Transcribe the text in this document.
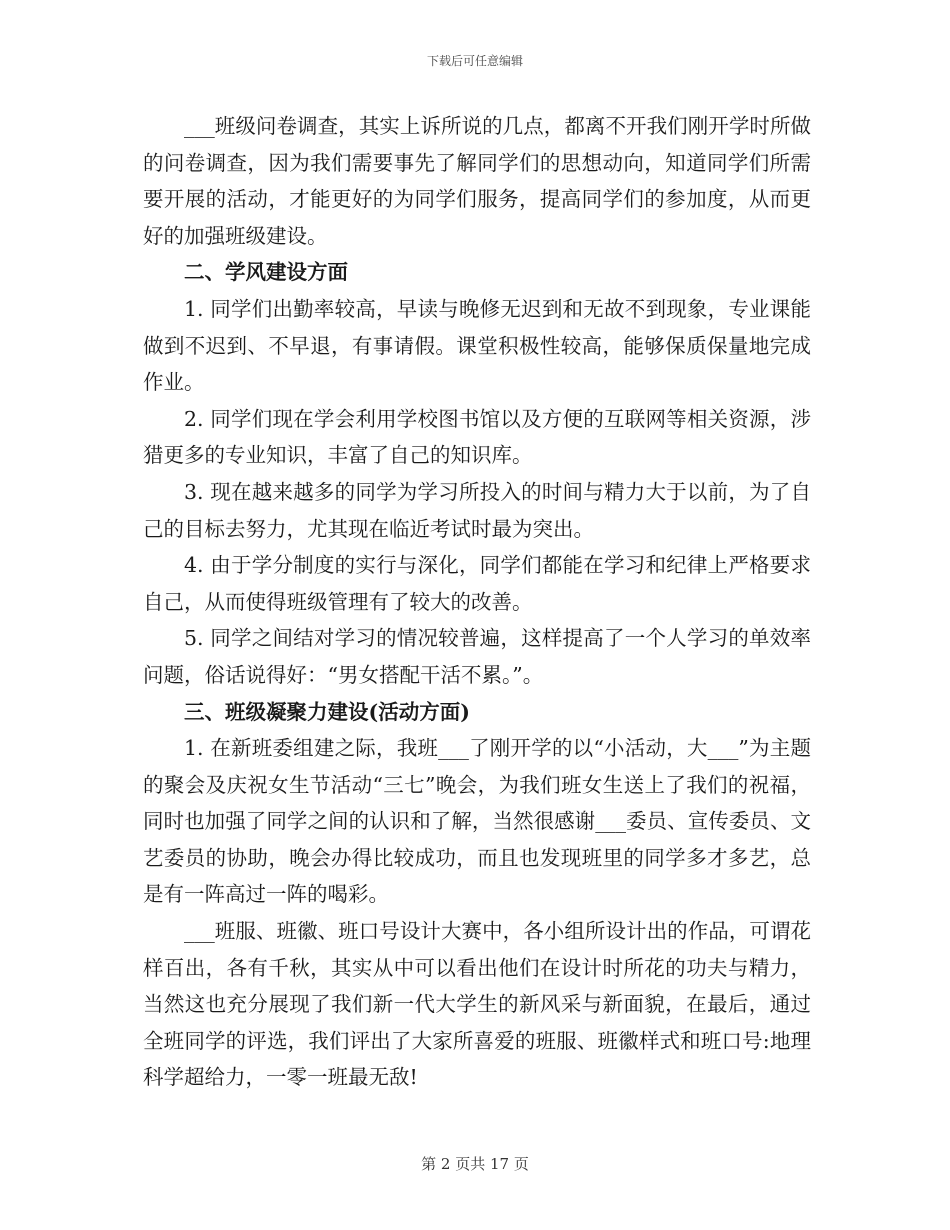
下载后可任意编辑

___班级问卷调查，其实上诉所说的几点，都离不开我们刚开学时所做的问卷调查，因为我们需要事先了解同学们的思想动向，知道同学们所需要开展的活动，才能更好的为同学们服务，提高同学们的参加度，从而更好的加强班级建设。

二、学风建设方面

1. 同学们出勤率较高，早读与晚修无迟到和无故不到现象，专业课能做到不迟到、不早退，有事请假。课堂积极性较高，能够保质保量地完成作业。

2. 同学们现在学会利用学校图书馆以及方便的互联网等相关资源，涉猎更多的专业知识，丰富了自己的知识库。

3. 现在越来越多的同学为学习所投入的时间与精力大于以前，为了自己的目标去努力，尤其现在临近考试时最为突出。

4. 由于学分制度的实行与深化，同学们都能在学习和纪律上严格要求自己，从而使得班级管理有了较大的改善。

5. 同学之间结对学习的情况较普遍，这样提高了一个人学习的单效率问题，俗话说得好：“男女搭配干活不累。”。

三、班级凝聚力建设(活动方面)

1. 在新班委组建之际，我班___了刚开学的以“小活动，大___”为主题的聚会及庆祝女生节活动“三七”晚会，为我们班女生送上了我们的祝福，同时也加强了同学之间的认识和了解，当然很感谢___委员、宣传委员、文艺委员的协助，晚会办得比较成功，而且也发现班里的同学多才多艺，总是有一阵高过一阵的喝彩。

___班服、班徽、班口号设计大赛中，各小组所设计出的作品，可谓花样百出，各有千秋，其实从中可以看出他们在设计时所花的功夫与精力，当然这也充分展现了我们新一代大学生的新风采与新面貌，在最后，通过全班同学的评选，我们评出了大家所喜爱的班服、班徽样式和班口号:地理科学超给力，一零一班最无敌!

第 2 页共 17 页
